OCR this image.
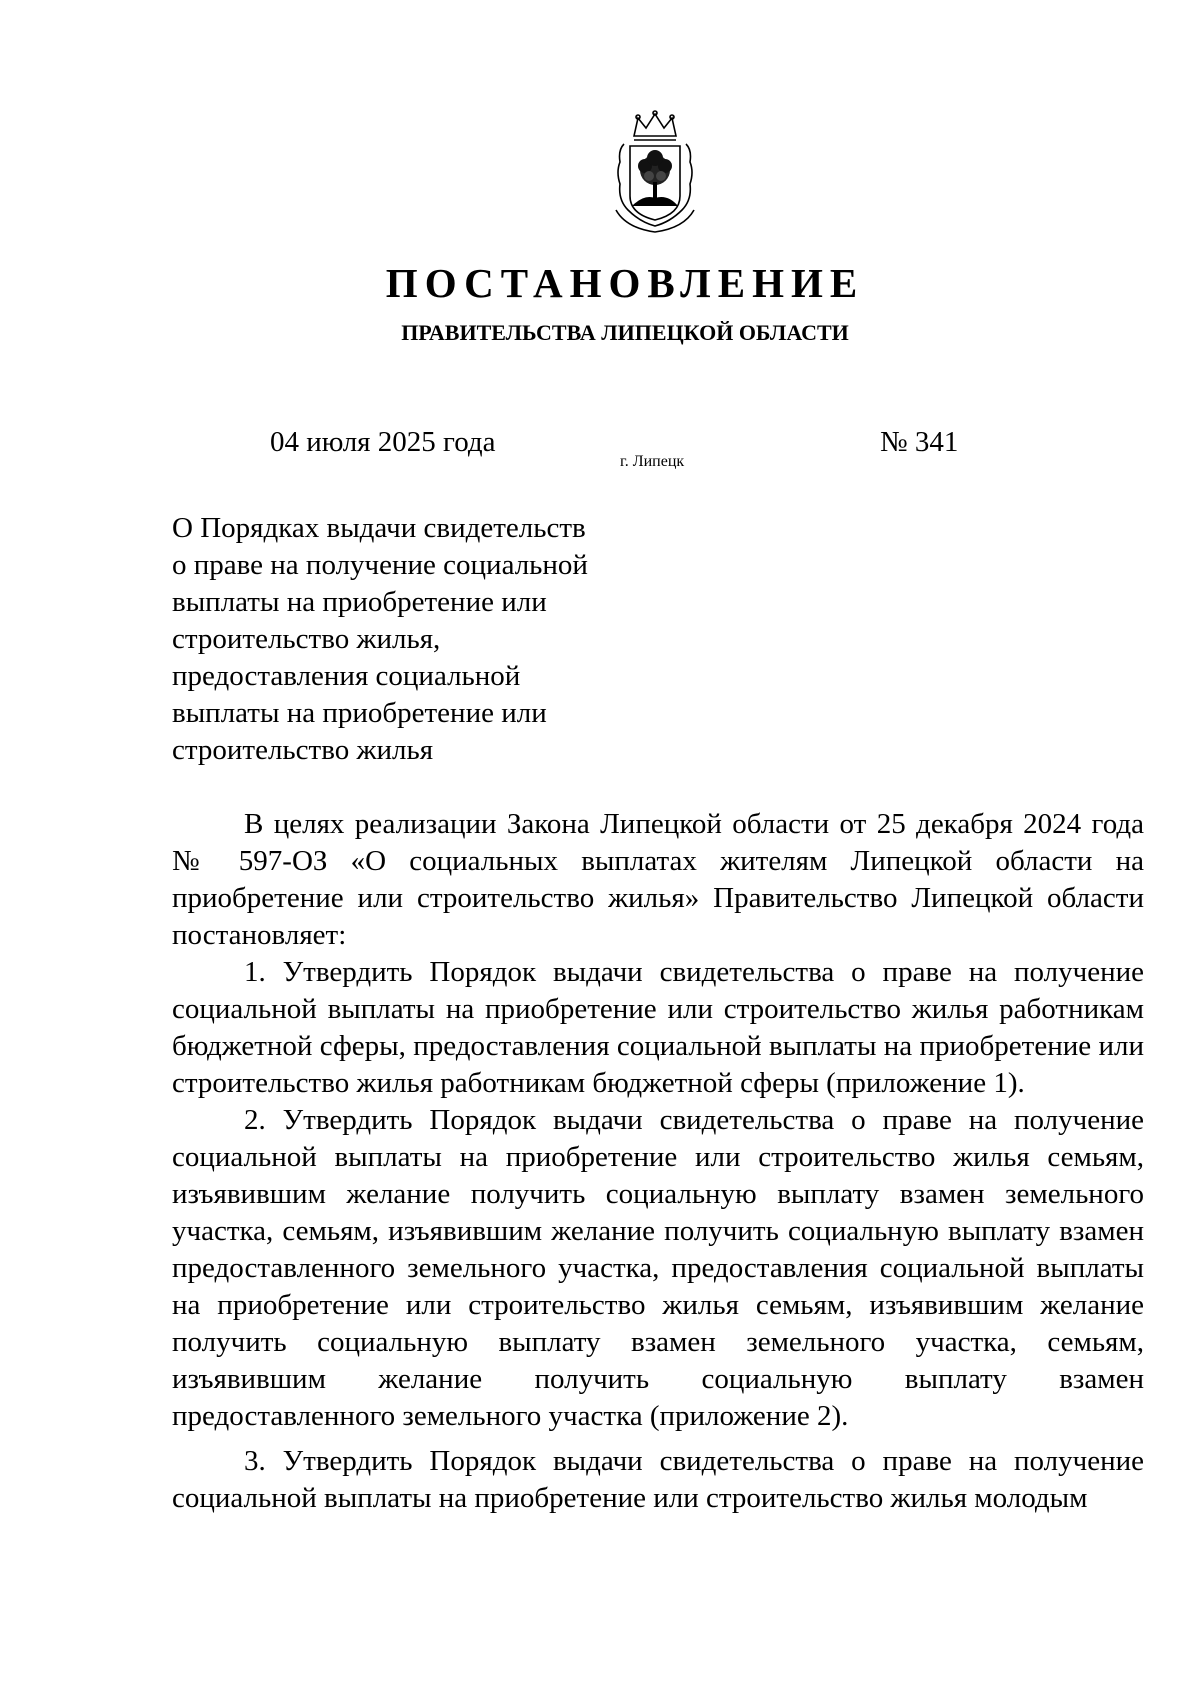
ПОСТАНОВЛЕНИЕ
ПРАВИТЕЛЬСТВА ЛИПЕЦКОЙ ОБЛАСТИ
04 июля 2025 года
г. Липецк
№ 341
О Порядках выдачи свидетельств
о праве на получение социальной
выплаты на приобретение или
строительство жилья,
предоставления социальной
выплаты на приобретение или
строительство жилья

В целях реализации Закона Липецкой области от 25 декабря 2024 года № 597-ОЗ «О социальных выплатах жителям Липецкой области на приобретение или строительство жилья» Правительство Липецкой области постановляет:

1. Утвердить Порядок выдачи свидетельства о праве на получение социальной выплаты на приобретение или строительство жилья работникам бюджетной сферы, предоставления социальной выплаты на приобретение или строительство жилья работникам бюджетной сферы (приложение 1).

2. Утвердить Порядок выдачи свидетельства о праве на получение социальной выплаты на приобретение или строительство жилья семьям, изъявившим желание получить социальную выплату взамен земельного участка, семьям, изъявившим желание получить социальную выплату взамен предоставленного земельного участка, предоставления социальной выплаты на приобретение или строительство жилья семьям, изъявившим желание получить социальную выплату взамен земельного участка, семьям, изъявившим желание получить социальную выплату взамен предоставленного земельного участка (приложение 2).

3. Утвердить Порядок выдачи свидетельства о праве на получение социальной выплаты на приобретение или строительство жилья молодым
